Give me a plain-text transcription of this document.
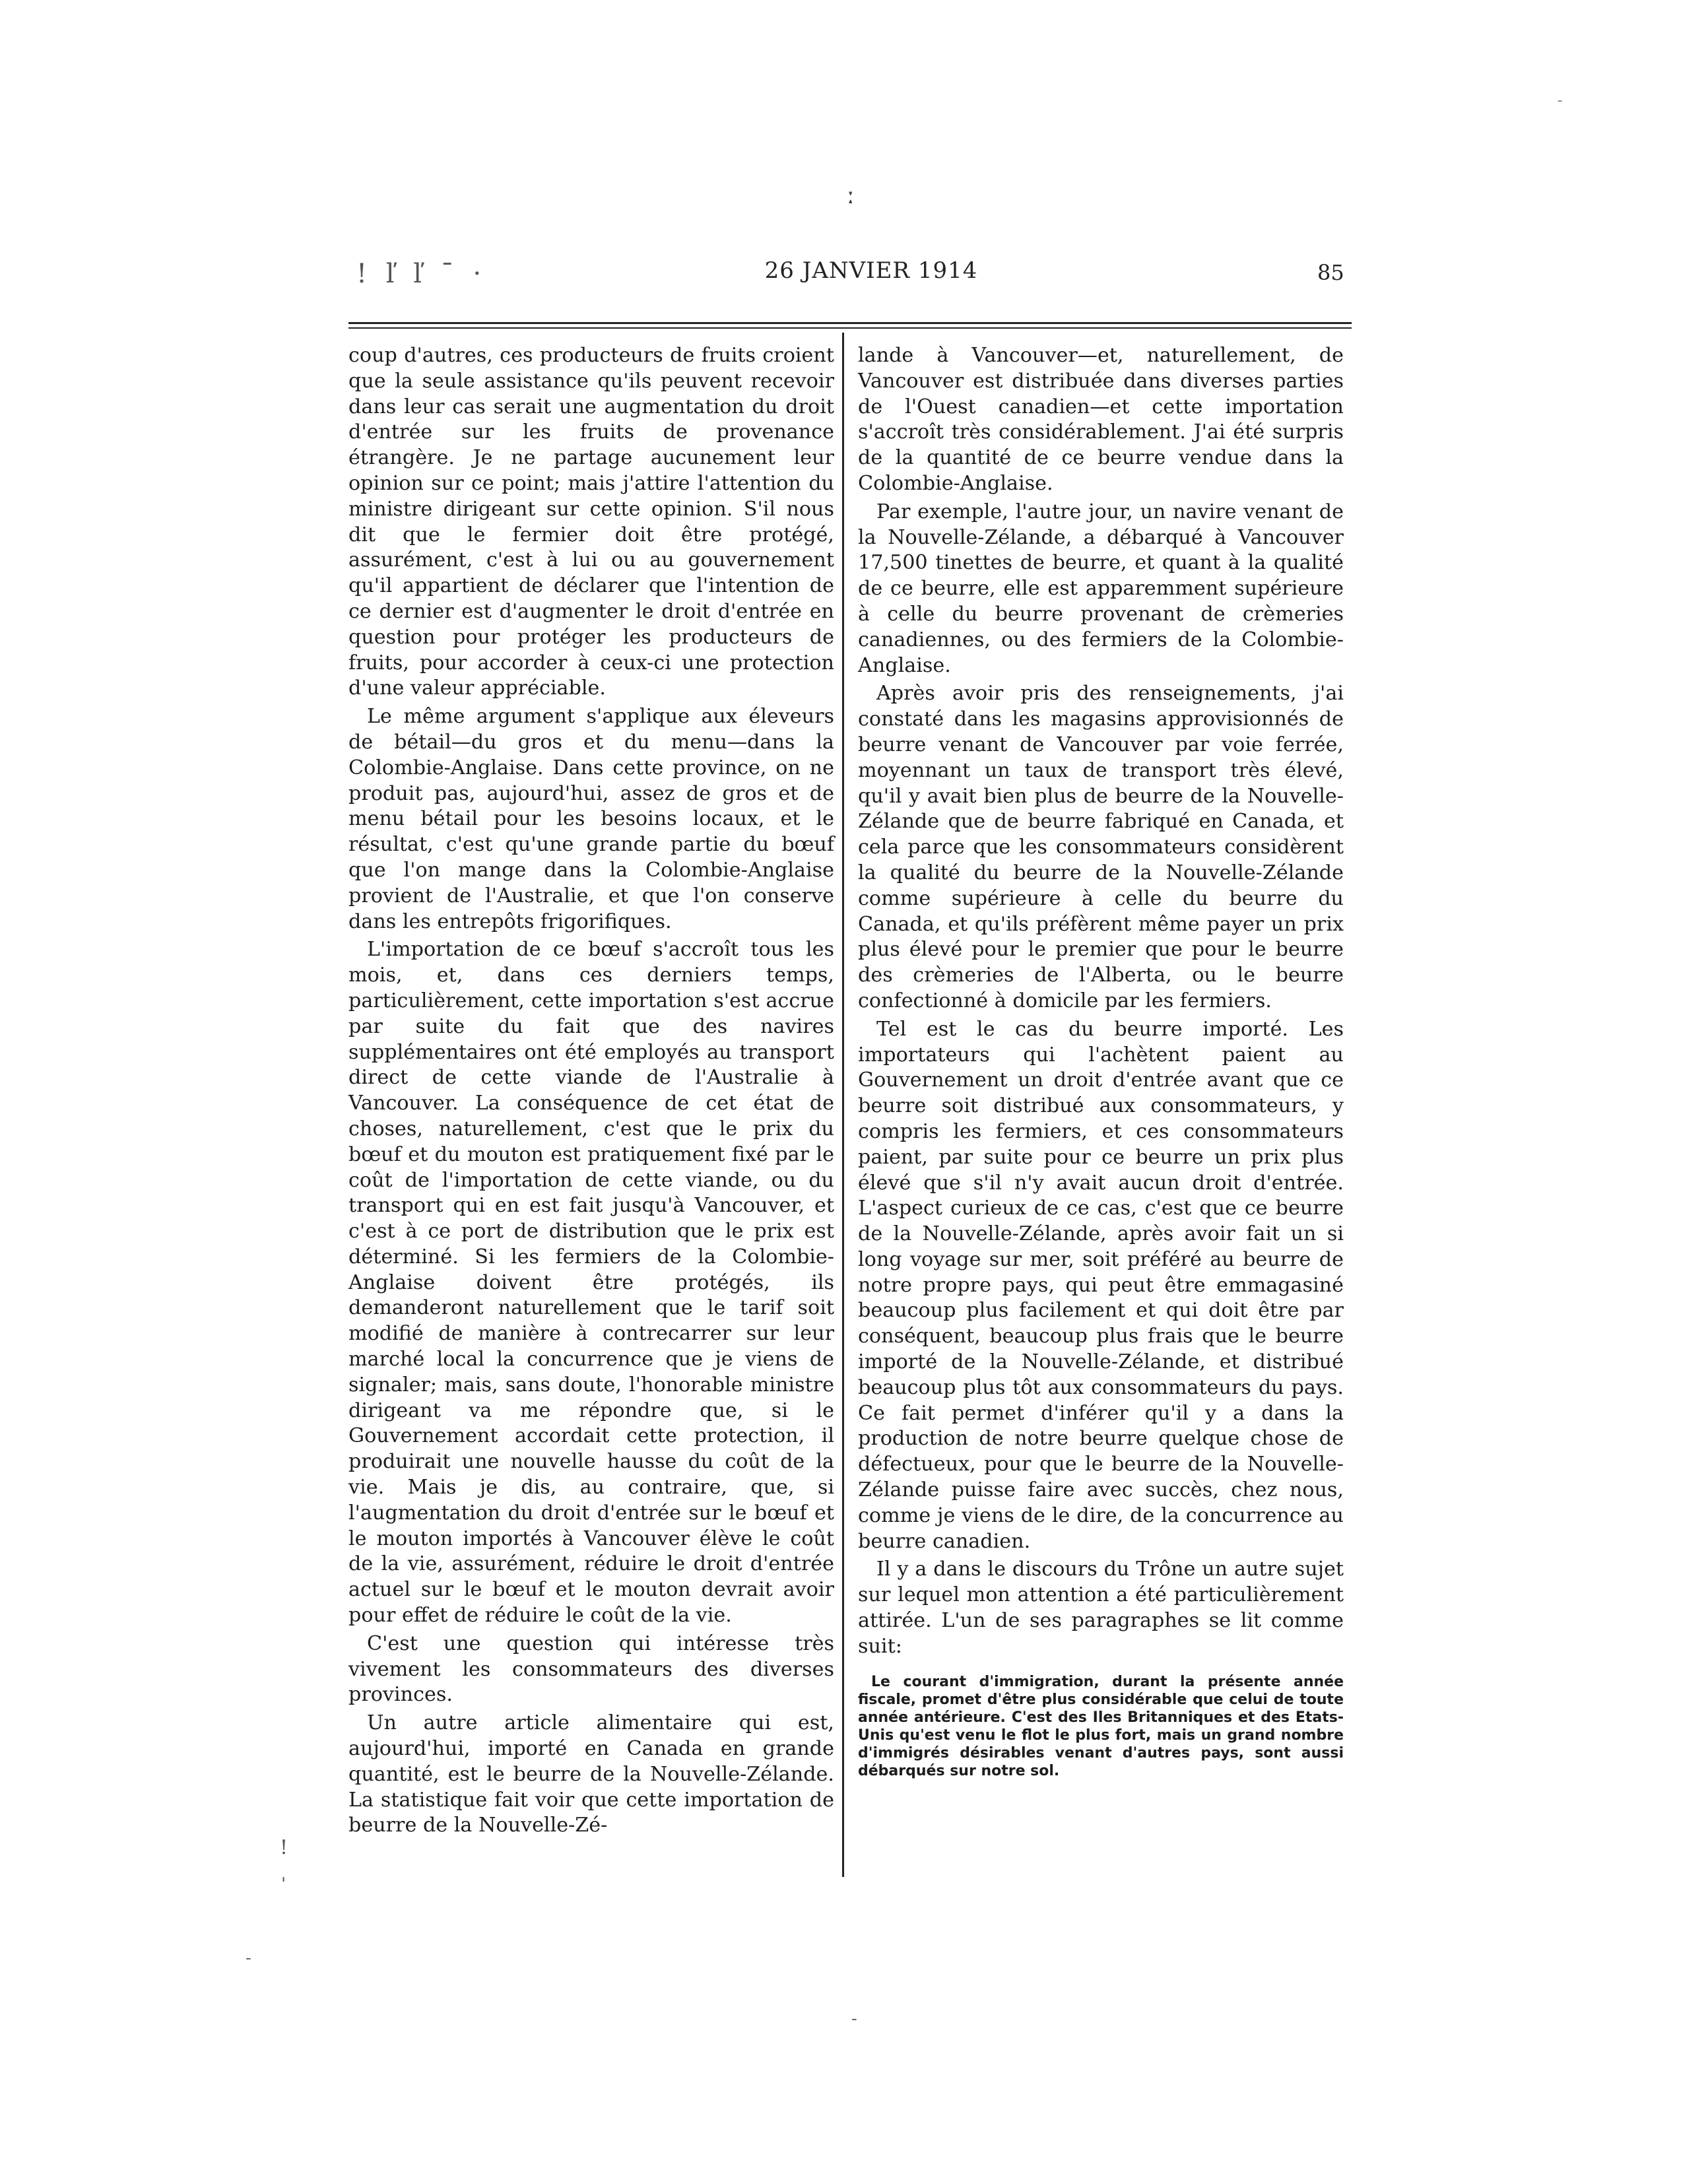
ː
! ľ ľ ˉ ·
!
'
-
-
-
26 JANVIER 1914	85

coup d'autres, ces producteurs de fruits croient que la seule assistance qu'ils peuvent recevoir dans leur cas serait une augmentation du droit d'entrée sur les fruits de provenance étrangère. Je ne partage aucunement leur opinion sur ce point; mais j'attire l'attention du ministre dirigeant sur cette opinion. S'il nous dit que le fermier doit être protégé, assurément, c'est à lui ou au gouvernement qu'il appartient de déclarer que l'intention de ce dernier est d'augmenter le droit d'entrée en question pour protéger les producteurs de fruits, pour accorder à ceux-ci une protection d'une valeur appréciable.

Le même argument s'applique aux éleveurs de bétail—du gros et du menu—dans la Colombie-Anglaise. Dans cette province, on ne produit pas, aujourd'hui, assez de gros et de menu bétail pour les besoins locaux, et le résultat, c'est qu'une grande partie du bœuf que l'on mange dans la Colombie-Anglaise provient de l'Australie, et que l'on conserve dans les entrepôts frigorifiques.

L'importation de ce bœuf s'accroît tous les mois, et, dans ces derniers temps, particulièrement, cette importation s'est accrue par suite du fait que des navires supplémentaires ont été employés au transport direct de cette viande de l'Australie à Vancouver. La conséquence de cet état de choses, naturellement, c'est que le prix du bœuf et du mouton est pratiquement fixé par le coût de l'importation de cette viande, ou du transport qui en est fait jusqu'à Vancouver, et c'est à ce port de distribution que le prix est déterminé. Si les fermiers de la Colombie-Anglaise doivent être protégés, ils demanderont naturellement que le tarif soit modifié de manière à contrecarrer sur leur marché local la concurrence que je viens de signaler; mais, sans doute, l'honorable ministre dirigeant va me répondre que, si le Gouvernement accordait cette protection, il produirait une nouvelle hausse du coût de la vie. Mais je dis, au contraire, que, si l'augmentation du droit d'entrée sur le bœuf et le mouton importés à Vancouver élève le coût de la vie, assurément, réduire le droit d'entrée actuel sur le bœuf et le mouton devrait avoir pour effet de réduire le coût de la vie.

C'est une question qui intéresse très vivement les consommateurs des diverses provinces.

Un autre article alimentaire qui est, aujourd'hui, importé en Canada en grande quantité, est le beurre de la Nouvelle-Zélande. La statistique fait voir que cette importation de beurre de la Nouvelle-Zé-

lande à Vancouver—et, naturellement, de Vancouver est distribuée dans diverses parties de l'Ouest canadien—et cette importation s'accroît très considérablement. J'ai été surpris de la quantité de ce beurre vendue dans la Colombie-Anglaise.

Par exemple, l'autre jour, un navire venant de la Nouvelle-Zélande, a débarqué à Vancouver 17,500 tinettes de beurre, et quant à la qualité de ce beurre, elle est apparemment supérieure à celle du beurre provenant de crèmeries canadiennes, ou des fermiers de la Colombie-Anglaise.

Après avoir pris des renseignements, j'ai constaté dans les magasins approvisionnés de beurre venant de Vancouver par voie ferrée, moyennant un taux de transport très élevé, qu'il y avait bien plus de beurre de la Nouvelle-Zélande que de beurre fabriqué en Canada, et cela parce que les consommateurs considèrent la qualité du beurre de la Nouvelle-Zélande comme supérieure à celle du beurre du Canada, et qu'ils préfèrent même payer un prix plus élevé pour le premier que pour le beurre des crèmeries de l'Alberta, ou le beurre confectionné à domicile par les fermiers.

Tel est le cas du beurre importé. Les importateurs qui l'achètent paient au Gouvernement un droit d'entrée avant que ce beurre soit distribué aux consommateurs, y compris les fermiers, et ces consommateurs paient, par suite pour ce beurre un prix plus élevé que s'il n'y avait aucun droit d'entrée. L'aspect curieux de ce cas, c'est que ce beurre de la Nouvelle-Zélande, après avoir fait un si long voyage sur mer, soit préféré au beurre de notre propre pays, qui peut être emmagasiné beaucoup plus facilement et qui doit être par conséquent, beaucoup plus frais que le beurre importé de la Nouvelle-Zélande, et distribué beaucoup plus tôt aux consommateurs du pays. Ce fait permet d'inférer qu'il y a dans la production de notre beurre quelque chose de défectueux, pour que le beurre de la Nouvelle-Zélande puisse faire avec succès, chez nous, comme je viens de le dire, de la concurrence au beurre canadien.

Il y a dans le discours du Trône un autre sujet sur lequel mon attention a été particulièrement attirée. L'un de ses paragraphes se lit comme suit:

Le courant d'immigration, durant la présente année fiscale, promet d'être plus considérable que celui de toute année antérieure. C'est des Iles Britanniques et des Etats-Unis qu'est venu le flot le plus fort, mais un grand nombre d'immigrés désirables venant d'autres pays, sont aussi débarqués sur notre sol.
